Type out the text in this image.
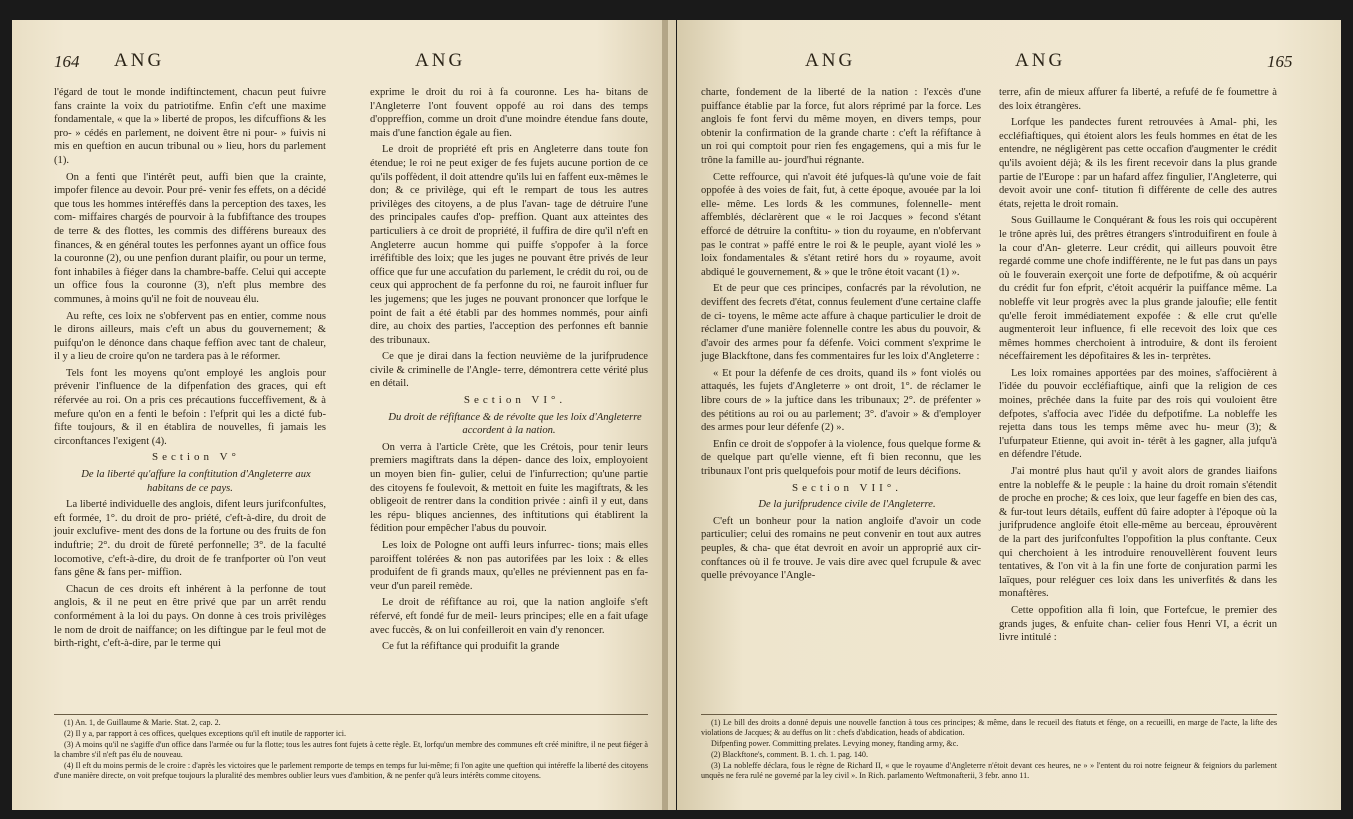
164 ANG	ANG

l'égard de tout le monde indiftinctement, chacun peut fuivre fans crainte la voix du patriotifme. Enfin c'eft une maxime fondamentale, « que la » liberté de propos, les difcuffions & les pro- » cédés en parlement, ne doivent être ni pour- » fuivis ni mis en queftion en aucun tribunal ou » lieu, hors du parlement (1).

On a fenti que l'intérêt peut, auffi bien que la crainte, impofer filence au devoir. Pour pré- venir fes effets, on a décidé que tous les hommes intéreffés dans la perception des taxes, les com- miffaires chargés de pourvoir à la fubfiftance des troupes de terre & des flottes, les commis des différens bureaux des finances, & en général toutes les perfonnes ayant un office fous la couronne (2), ou une penfion durant plaifir, ou pour un terme, font inhabiles à fiéger dans la chambre-baffe. Celui qui accepte un office fous la couronne (3), n'eft plus membre des communes, à moins qu'il ne foit de nouveau élu.

Au refte, ces loix ne s'obfervent pas en entier, comme nous le dirons ailleurs, mais c'eft un abus du gouvernement; & puifqu'on le dénonce dans chaque feffion avec tant de chaleur, il y a lieu de croire qu'on ne tardera pas à le réformer.

Tels font les moyens qu'ont employé les anglois pour prévenir l'influence de la difpenfation des graces, qui eft réfervée au roi. On a pris ces précautions fucceffivement, & à mefure qu'on en a fenti le befoin : l'efprit qui les a dicté fub- fifte toujours, & il en établira de nouvelles, fi jamais les circonftances l'exigent (4).

Section V°

De la liberté qu'affure la conftitution d'Angleterre aux habitans de ce pays.

La liberté individuelle des anglois, difent leurs jurifconfultes, eft formée, 1°. du droit de pro- priété, c'eft-à-dire, du droit de jouir exclufive- ment des dons de la fortune ou des fruits de fon induftrie; 2°. du droit de fûreté perfonnelle; 3°. de la faculté locomotive, c'eft-à-dire, du droit de fe tranfporter où l'on veut fans gêne & fans per- miffion.

Chacun de ces droits eft inhérent à la perfonne de tout anglois, & il ne peut en être privé que par un arrêt rendu conformément à la loi du pays. On donne à ces trois privilèges le nom de droit de naiffance; on les diftingue par le feul mot de birth-right, c'eft-à-dire, par le terme qui

exprime le droit du roi à fa couronne. Les ha- bitans de l'Angleterre l'ont fouvent oppofé au roi dans des temps d'oppreffion, comme un droit d'une moindre étendue fans doute, mais d'une fanction égale au fien.

Le droit de propriété eft pris en Angleterre dans toute fon étendue; le roi ne peut exiger de fes fujets aucune portion de ce qu'ils poffèdent, il doit attendre qu'ils lui en faffent eux-mêmes le don; & ce privilège, qui eft le rempart de tous les autres privilèges des citoyens, a de plus l'avan- tage de détruire l'une des principales caufes d'op- preffion. Quant aux atteintes des particuliers à ce droit de propriété, il fuffira de dire qu'il n'eft en Angleterre aucun homme qui puiffe s'oppofer à la force irréfiftible des loix; que les juges ne pouvant être privés de leur office que fur une accufation du parlement, le crédit du roi, ou de ceux qui approchent de fa perfonne du roi, ne fauroit influer fur les jugemens; que les juges ne pouvant prononcer que lorfque le point de fait a été établi par des hommes nommés, pour ainfi dire, au choix des parties, l'acception des perfonnes eft bannie des tribunaux.

Ce que je dirai dans la fection neuvième de la jurifprudence civile & criminelle de l'Angle- terre, démontrera cette vérité plus en détail.

Section VI°.

Du droit de réfiftance & de révolte que les loix d'Angleterre accordent à la nation.

On verra à l'article Crète, que les Crétois, pour tenir leurs premiers magiftrats dans la dépen- dance des loix, employoient un moyen bien fin- gulier, celui de l'infurrection; qu'une partie des citoyens fe foulevoit, & mettoit en fuite les magiftrats, & les obligeoit de rentrer dans la condition privée : ainfi il y eut, dans les répu- bliques anciennes, des inftitutions qui établirent la fédition pour empêcher l'abus du pouvoir.

Les loix de Pologne ont auffi leurs infurrec- tions; mais elles paroiffent tolérées & non pas autorifées par les loix : & elles produifent de fi grands maux, qu'elles ne préviennent pas en fa- veur d'un pareil remède.

Le droit de réfiftance au roi, que la nation angloife s'eft réfervé, eft fondé fur de meil- leurs principes; elle en a fait ufage avec fuccès, & on lui confeilleroit en vain d'y renoncer.

Ce fut la réfiftance qui produifit la grande

(1) An. 1, de Guillaume & Marie. Stat. 2, cap. 2.

(2) Il y a, par rapport à ces offices, quelques exceptions qu'il eft inutile de rapporter ici.

(3) A moins qu'il ne s'agiffe d'un office dans l'armée ou fur la flotte; tous les autres font fujets à cette règle. Et, lorfqu'un membre des communes eft créé miniftre, il ne peut fiéger à la chambre s'il n'eft pas élu de nouveau.

(4) Il eft du moins permis de le croire : d'après les victoires que le parlement remporte de temps en temps fur lui-même; fi l'on agite une queftion qui intéreffe la liberté des citoyens d'une manière directe, on voit prefque toujours la pluralité des membres oublier leurs vues d'ambition, & ne penfer qu'à leurs intérêts comme citoyens.

ANG	ANG	165

charte, fondement de la liberté de la nation : l'excès d'une puiffance établie par la force, fut alors réprimé par la force. Les anglois fe font fervi du même moyen, en divers temps, pour obtenir la confirmation de la grande charte : c'eft la réfiftance à un roi qui comptoit pour rien fes engagemens, qui a mis fur le trône la famille au- jourd'hui régnante.

Cette reffource, qui n'avoit été jufques-là qu'une voie de fait oppofée à des voies de fait, fut, à cette époque, avouée par la loi elle- même. Les lords & les communes, folennelle- ment affemblés, déclarèrent que « le roi Jacques » fecond s'étant efforcé de détruire la conftitu- » tion du royaume, en n'obfervant pas le contrat » paffé entre le roi & le peuple, ayant violé les » loix fondamentales & s'étant retiré hors du » royaume, avoit abdiqué le gouvernement, & » que le trône étoit vacant (1) ».

Et de peur que ces principes, confacrés par la révolution, ne deviffent des fecrets d'état, connus feulement d'une certaine claffe de ci- toyens, le même acte affure à chaque particulier le droit de réclamer d'une manière folennelle contre les abus du pouvoir, & d'avoir des armes pour fa défenfe. Voici comment s'exprime le juge Blackftone, dans fes commentaires fur les loix d'Angleterre :

« Et pour la défenfe de ces droits, quand ils » font violés ou attaqués, les fujets d'Angleterre » ont droit, 1°. de réclamer le libre cours de » la juftice dans les tribunaux; 2°. de préfenter » des pétitions au roi ou au parlement; 3°. d'avoir » & d'employer des armes pour leur défenfe (2) ».

Enfin ce droit de s'oppofer à la violence, fous quelque forme & de quelque part qu'elle vienne, eft fi bien reconnu, que les tribunaux l'ont pris quelquefois pour motif de leurs décifions.

Section VII°.

De la jurifprudence civile de l'Angleterre.

C'eft un bonheur pour la nation angloife d'avoir un code particulier; celui des romains ne peut convenir en tout aux autres peuples, & cha- que état devroit en avoir un approprié aux cir- conftances où il fe trouve. Je vais dire avec quel fcrupule & avec quelle prévoyance l'Angle-

terre, afin de mieux affurer fa liberté, a refufé de fe foumettre à des loix étrangères.

Lorfque les pandectes furent retrouvées à Amal- phi, les eccléfiaftiques, qui étoient alors les feuls hommes en état de les entendre, ne négligèrent pas cette occafion d'augmenter le crédit qu'ils avoient déjà; & ils les firent recevoir dans la plus grande partie de l'Europe : par un hafard affez fingulier, l'Angleterre, qui devoit avoir une conf- titution fi différente de celle des autres états, rejetta le droit romain.

Sous Guillaume le Conquérant & fous les rois qui occupèrent le trône après lui, des prêtres étrangers s'introduifirent en foule à la cour d'An- gleterre. Leur crédit, qui ailleurs pouvoit être regardé comme une chofe indifférente, ne le fut pas dans un pays où le fouverain exerçoit une forte de defpotifme, & où acquérir du crédit fur fon efprit, c'étoit acquérir la puiffance même. La nobleffe vit leur progrès avec la plus grande jaloufie; elle fentit qu'elle feroit immédiatement expofée : & elle crut qu'elle augmenteroit leur influence, fi elle recevoit des loix que ces mêmes hommes cherchoient à introduire, & dont ils feroient néceffairement les dépofitaires & les in- terprètes.

Les loix romaines apportées par des moines, s'affocièrent à l'idée du pouvoir eccléfiaftique, ainfi que la religion de ces moines, prêchée dans la fuite par des rois qui vouloient être defpotes, s'affocia avec l'idée du defpotifme. La nobleffe les rejetta dans tous les temps même avec hu- meur (3); & l'ufurpateur Etienne, qui avoit in- térêt à les gagner, alla jufqu'à en défendre l'étude.

J'ai montré plus haut qu'il y avoit alors de grandes liaifons entre la nobleffe & le peuple : la haine du droit romain s'étendit de proche en proche; & ces loix, que leur fageffe en bien des cas, & fur-tout leurs détails, euffent dû faire adopter à l'époque où la jurifprudence angloife étoit elle-même au berceau, éprouvèrent de la part des jurifconfultes l'oppofition la plus conftante. Ceux qui cherchoient à les introduire renouvellèrent fouvent leurs tentatives, & l'on vit à la fin une forte de conjuration parmi les laïques, pour reléguer ces loix dans les univerfités & dans les monaftères.

Cette oppofition alla fi loin, que Fortefcue, le premier des grands juges, & enfuite chan- celier fous Henri VI, a écrit un livre intitulé :

(1) Le bill des droits a donné depuis une nouvelle fanction à tous ces principes; & même, dans le recueil des ftatuts et fénge, on a recueilli, en marge de l'acte, la lifte des violations de Jacques; & au deffus on lit : chefs d'abdication, heads of abdication.

Difpenfing power. Committing prelates. Levying money, ftanding army, &c.

(2) Blackftone's, comment. B. 1. ch. 1. pag. 140.

(3) La nobleffe déclara, fous le règne de Richard II, « que le royaume d'Angleterre n'étoit devant ces heures, ne » » l'entent du roi notre feigneur & feigniors du parlement unquès ne fera rulé ne governé par la ley civil ». In Rich. parlamento Weftmonafterii, 3 febr. anno 11.
